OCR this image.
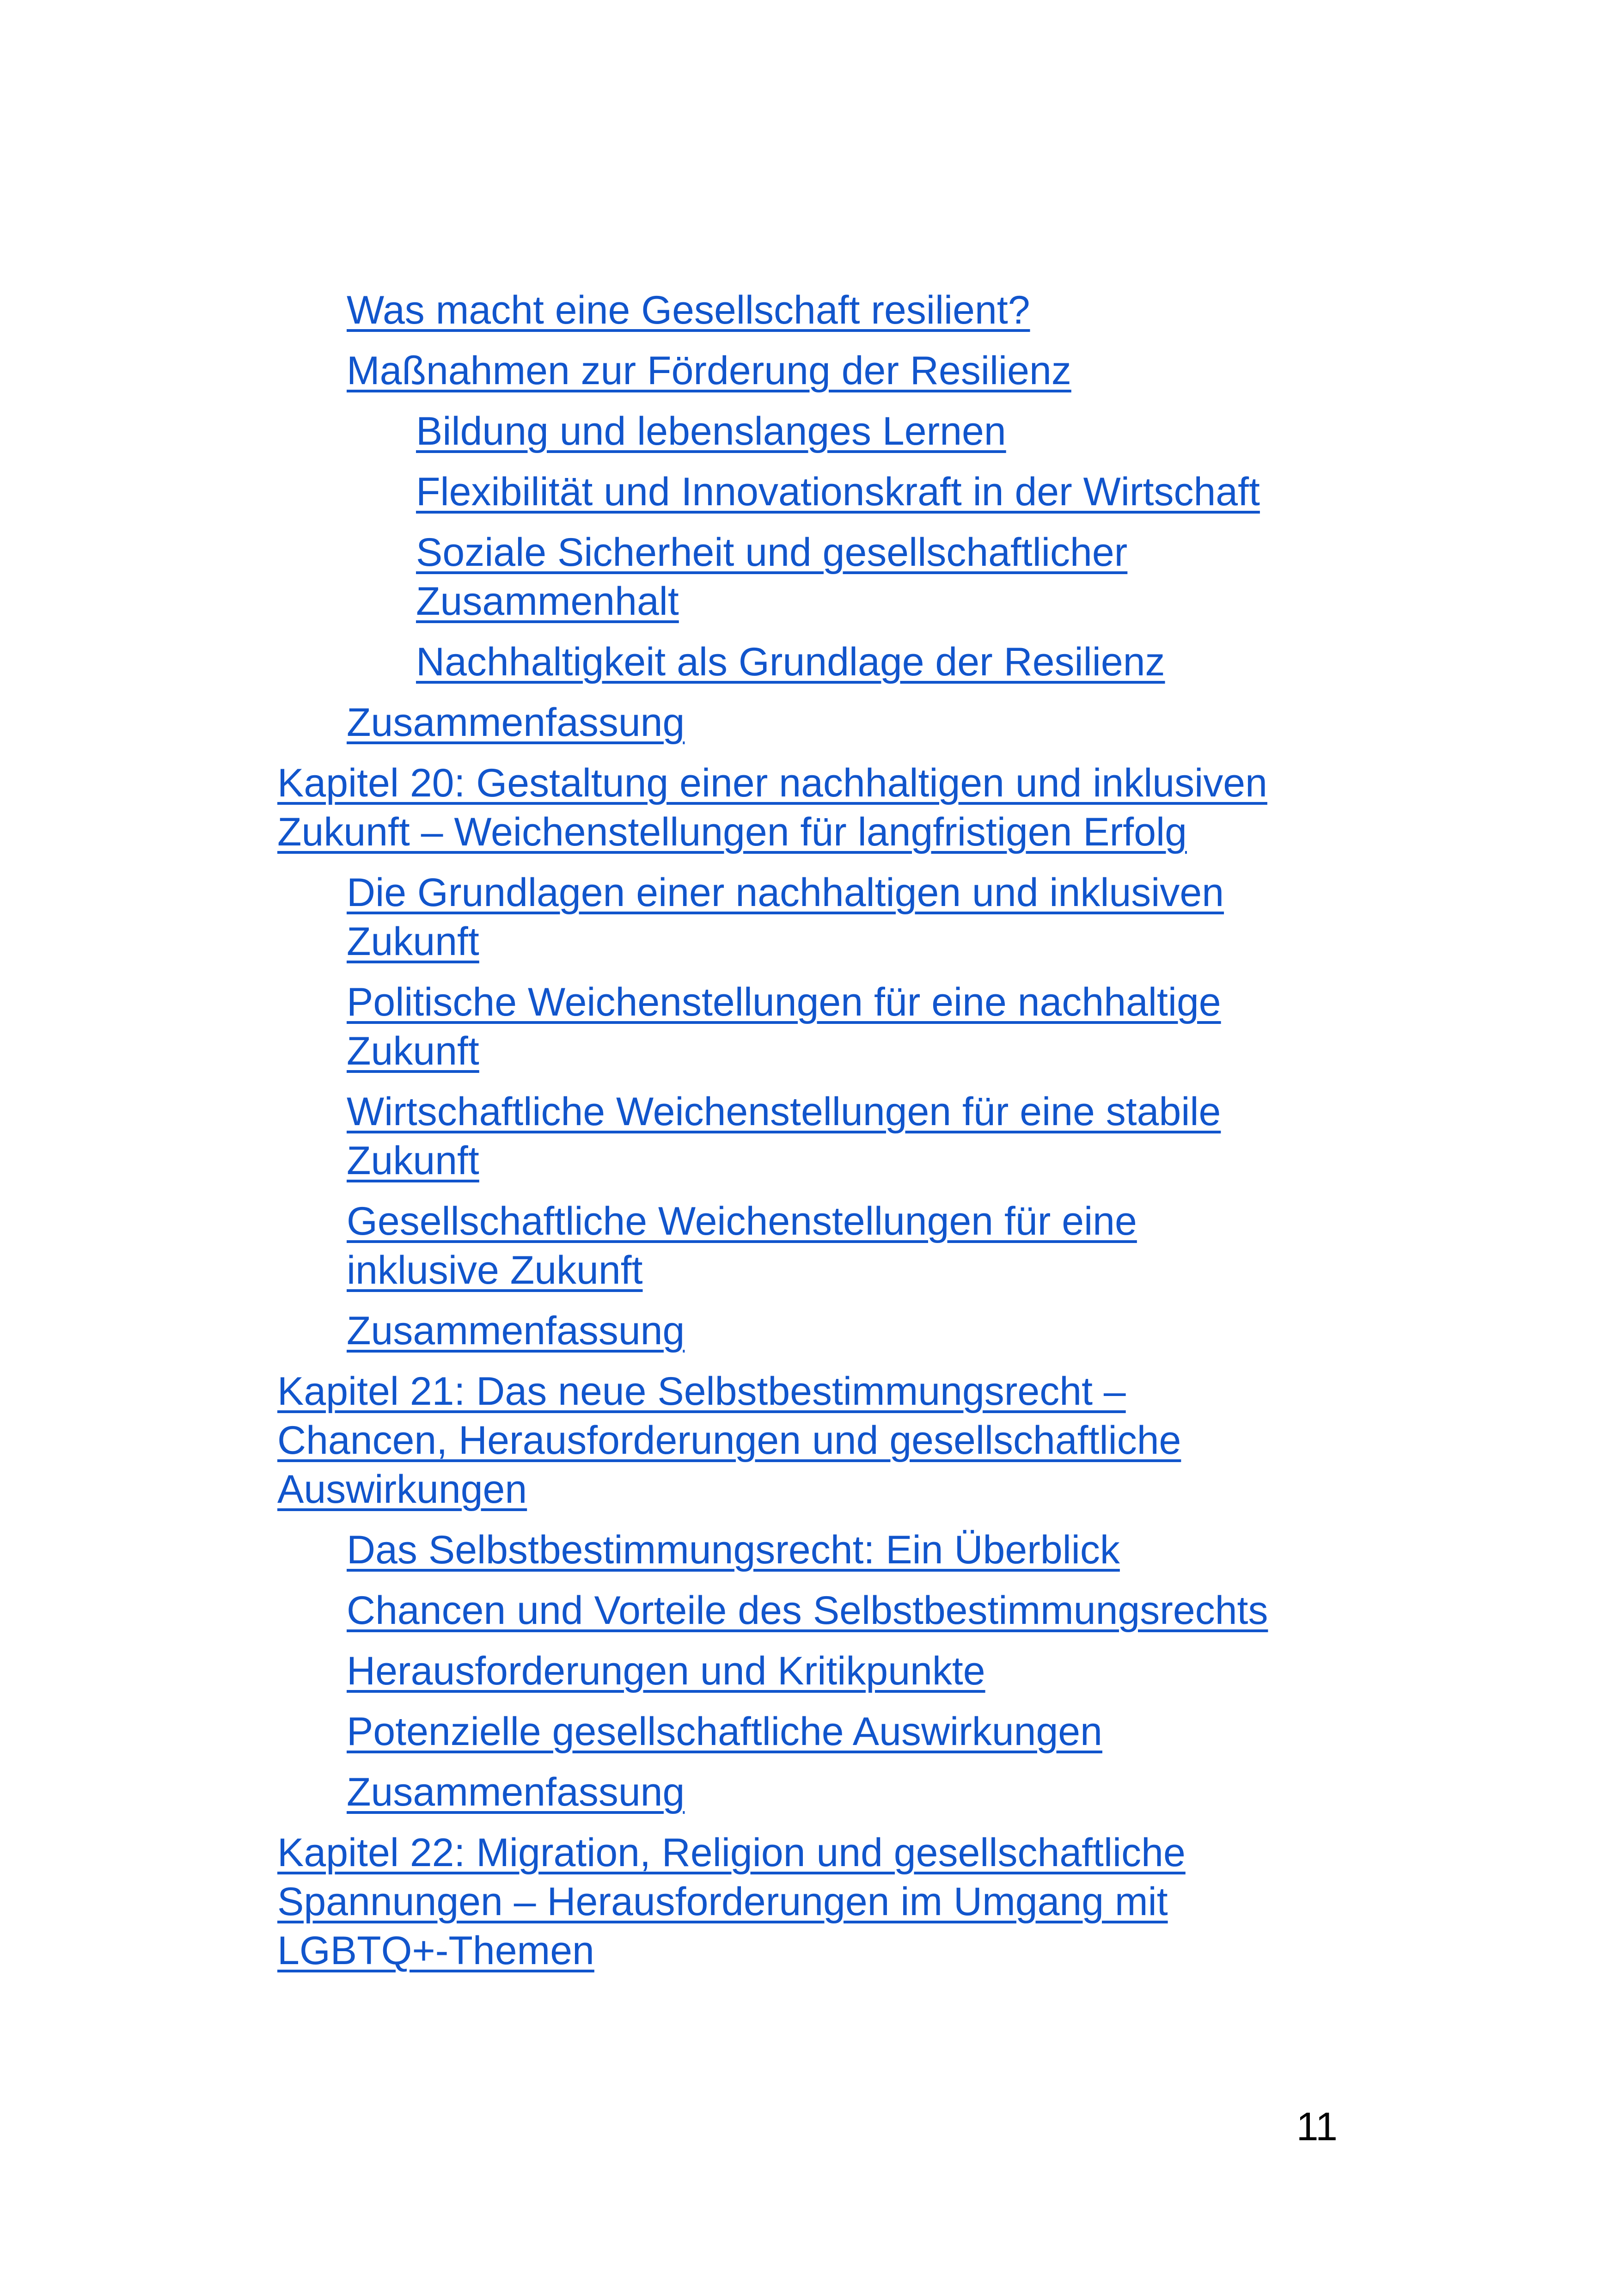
Was macht eine Gesellschaft resilient?
Maßnahmen zur Förderung der Resilienz
Bildung und lebenslanges Lernen
Flexibilität und Innovationskraft in der Wirtschaft
Soziale Sicherheit und gesellschaftlicher Zusammenhalt
Nachhaltigkeit als Grundlage der Resilienz
Zusammenfassung
Kapitel 20: Gestaltung einer nachhaltigen und inklusiven Zukunft – Weichenstellungen für langfristigen Erfolg
Die Grundlagen einer nachhaltigen und inklusiven Zukunft
Politische Weichenstellungen für eine nachhaltige Zukunft
Wirtschaftliche Weichenstellungen für eine stabile Zukunft
Gesellschaftliche Weichenstellungen für eine inklusive Zukunft
Zusammenfassung
Kapitel 21: Das neue Selbstbestimmungsrecht – Chancen, Herausforderungen und gesellschaftliche Auswirkungen
Das Selbstbestimmungsrecht: Ein Überblick
Chancen und Vorteile des Selbstbestimmungsrechts
Herausforderungen und Kritikpunkte
Potenzielle gesellschaftliche Auswirkungen
Zusammenfassung
Kapitel 22: Migration, Religion und gesellschaftliche Spannungen – Herausforderungen im Umgang mit LGBTQ+-Themen
11
